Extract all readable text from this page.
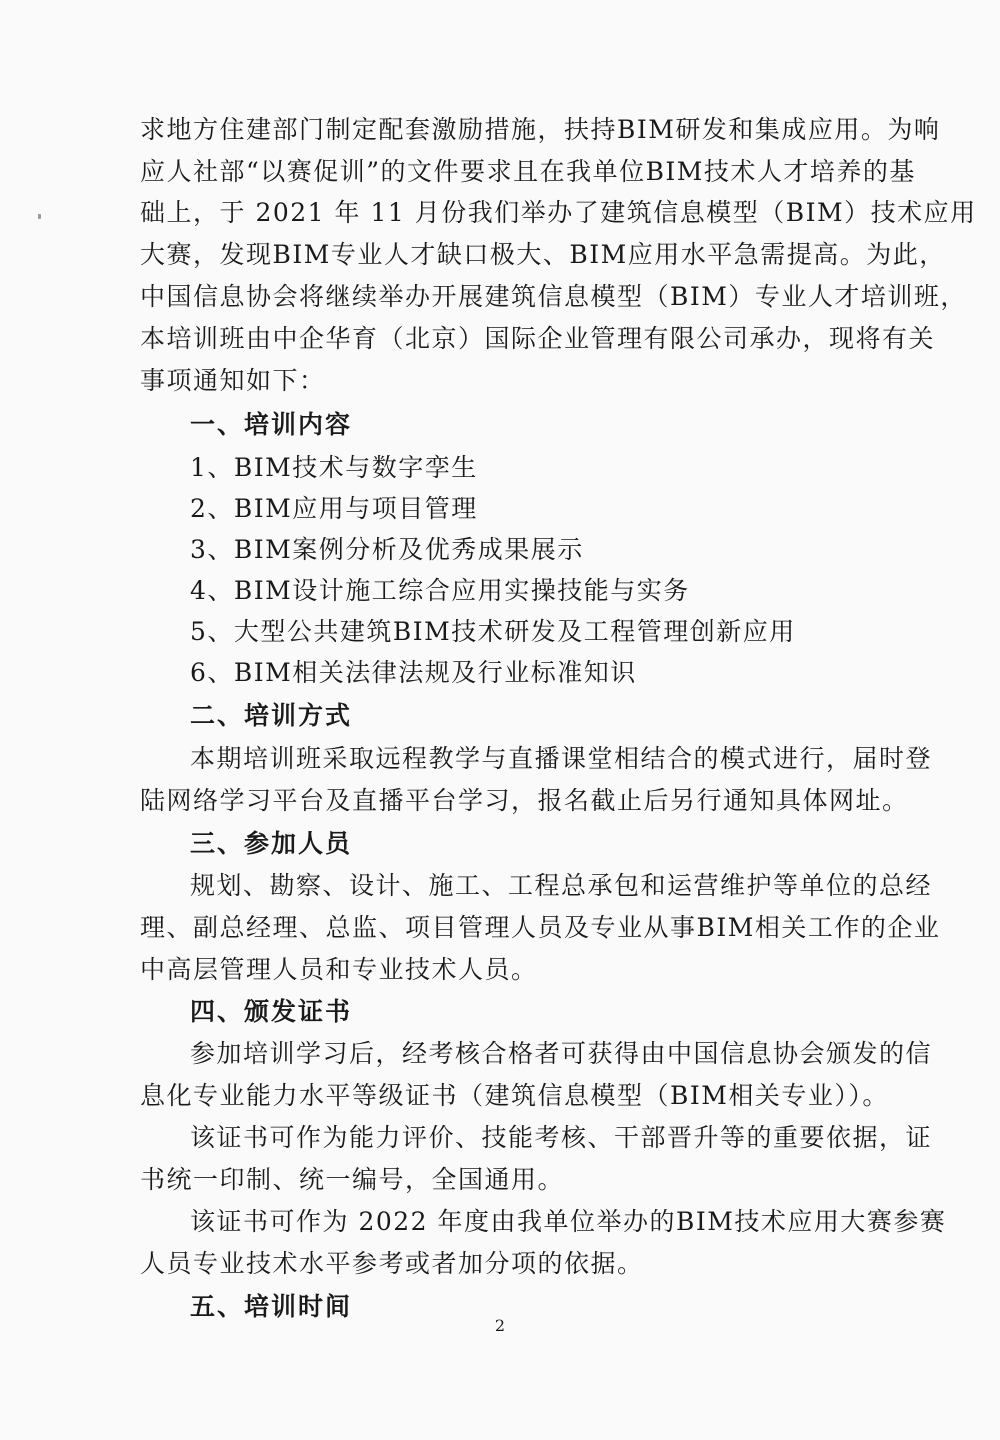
求地方住建部门制定配套激励措施，扶持BIM研发和集成应用。为响
应人社部“以赛促训”的文件要求且在我单位BIM技术人才培养的基
础上，于 2021 年 11 月份我们举办了建筑信息模型（BIM）技术应用
大赛，发现BIM专业人才缺口极大、BIM应用水平急需提高。为此，
中国信息协会将继续举办开展建筑信息模型（BIM）专业人才培训班，
本培训班由中企华育（北京）国际企业管理有限公司承办，现将有关
事项通知如下：
一、培训内容
1、BIM技术与数字孪生
2、BIM应用与项目管理
3、BIM案例分析及优秀成果展示
4、BIM设计施工综合应用实操技能与实务
5、大型公共建筑BIM技术研发及工程管理创新应用
6、BIM相关法律法规及行业标准知识
二、培训方式
本期培训班采取远程教学与直播课堂相结合的模式进行，届时登
陆网络学习平台及直播平台学习，报名截止后另行通知具体网址。
三、参加人员
规划、勘察、设计、施工、工程总承包和运营维护等单位的总经
理、副总经理、总监、项目管理人员及专业从事BIM相关工作的企业
中高层管理人员和专业技术人员。
四、颁发证书
参加培训学习后，经考核合格者可获得由中国信息协会颁发的信
息化专业能力水平等级证书（建筑信息模型（BIM相关专业））。
该证书可作为能力评价、技能考核、干部晋升等的重要依据，证
书统一印制、统一编号，全国通用。
该证书可作为 2022 年度由我单位举办的BIM技术应用大赛参赛
人员专业技术水平参考或者加分项的依据。
五、培训时间
2
